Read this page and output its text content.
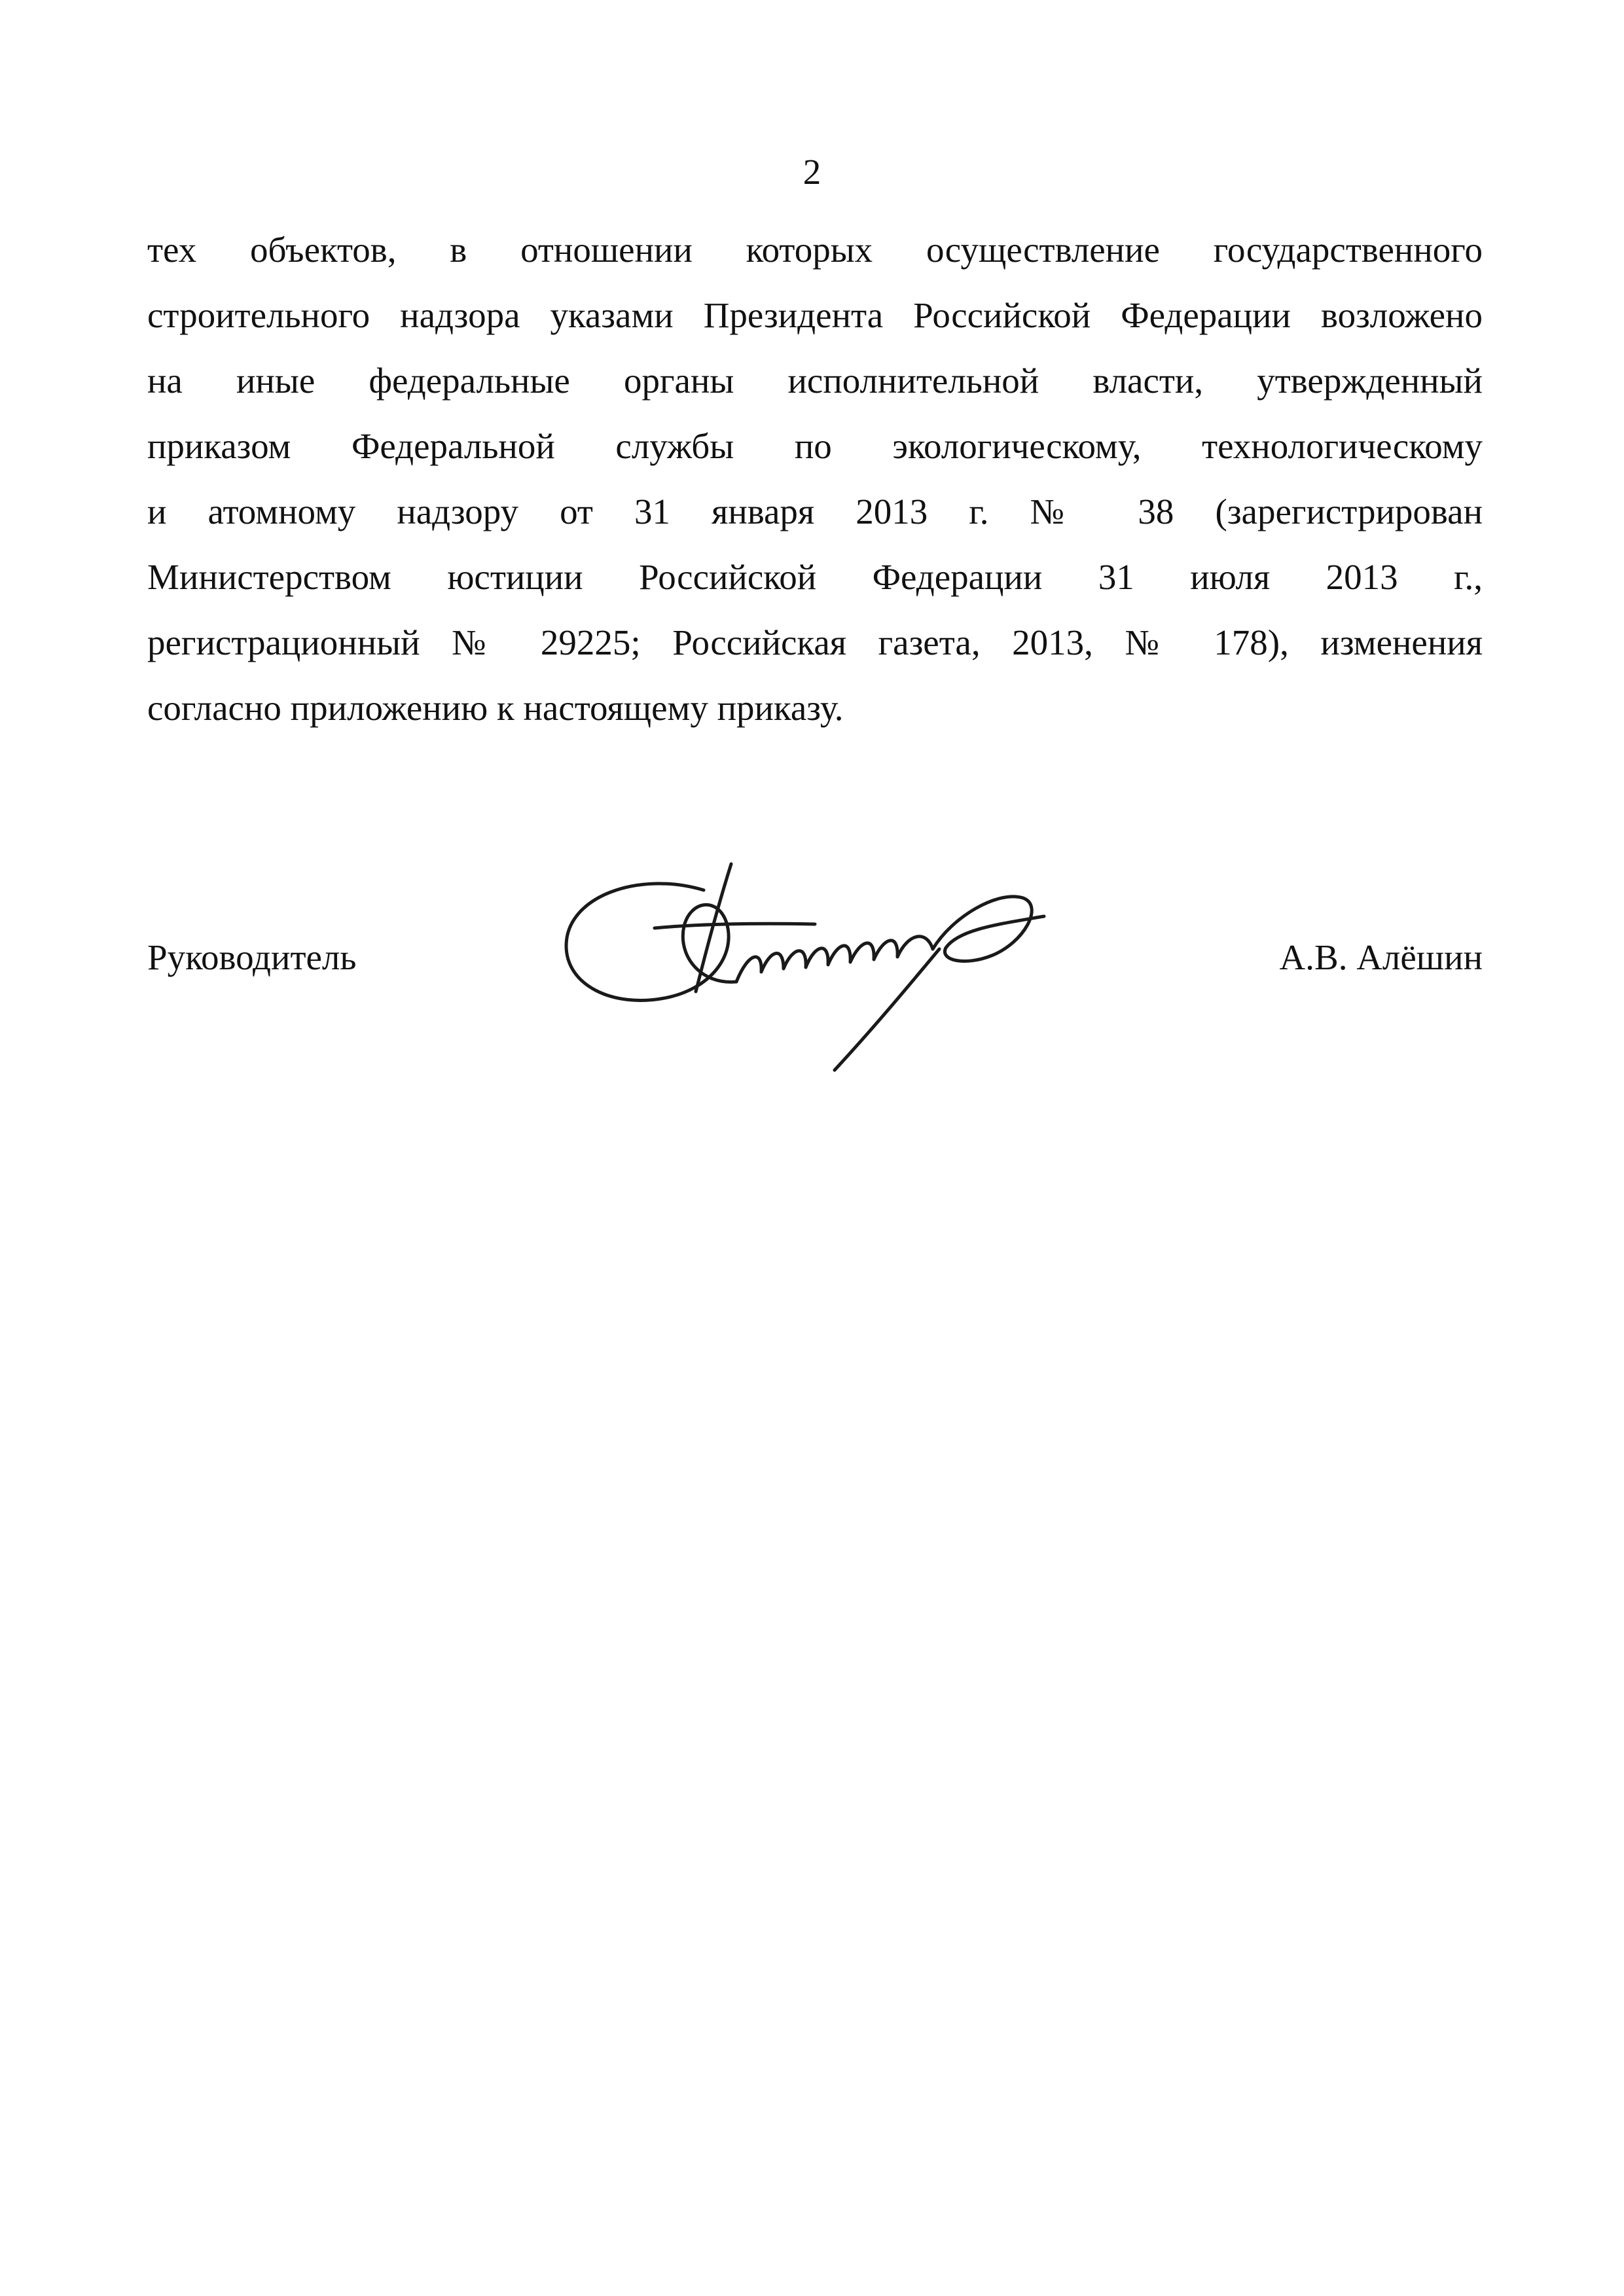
2
тех объектов, в отношении которых осуществление государственного
строительного надзора указами Президента Российской Федерации возложено
на иные федеральные органы исполнительной власти, утвержденный
приказом Федеральной службы по экологическому, технологическому
и атомному надзору от 31 января 2013 г. № 38 (зарегистрирован
Министерством юстиции Российской Федерации 31 июля 2013 г.,
регистрационный № 29225; Российская газета, 2013, № 178), изменения
согласно приложению к настоящему приказу.
Руководитель	А.В. Алёшин
